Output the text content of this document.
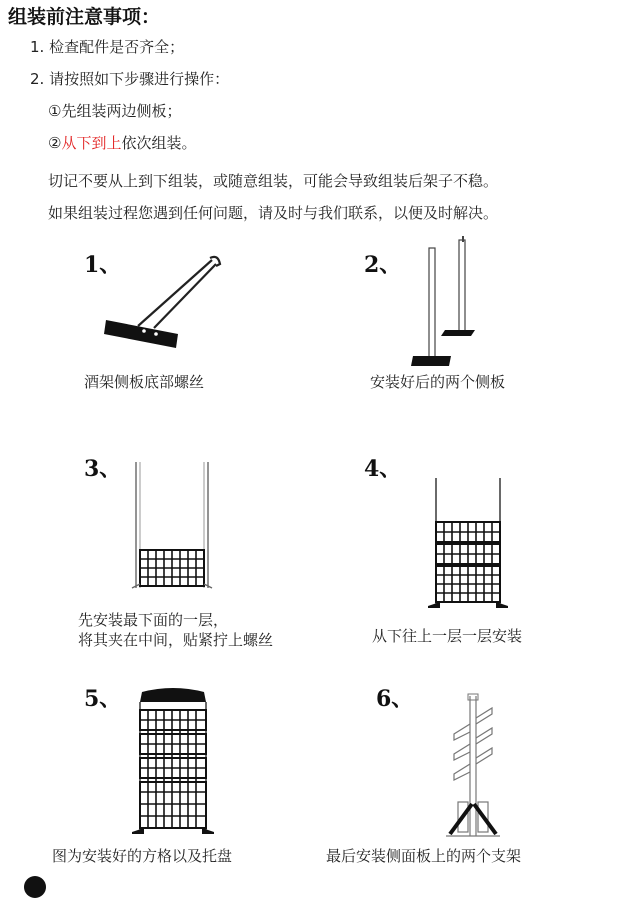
组装前注意事项：
1. 检查配件是否齐全；
2. 请按照如下步骤进行操作：
①先组装两边侧板；
②从下到上依次组装。
切记不要从上到下组装，或随意组装，可能会导致组装后架子不稳。
如果组装过程您遇到任何问题，请及时与我们联系，以便及时解决。
1、	2、
3、	4、
5、	6、
酒架侧板底部螺丝	安装好后的两个侧板
先安装最下面的一层，
将其夹在中间，贴紧拧上螺丝	从下往上一层一层安装
图为安装好的方格以及托盘	最后安装侧面板上的两个支架
